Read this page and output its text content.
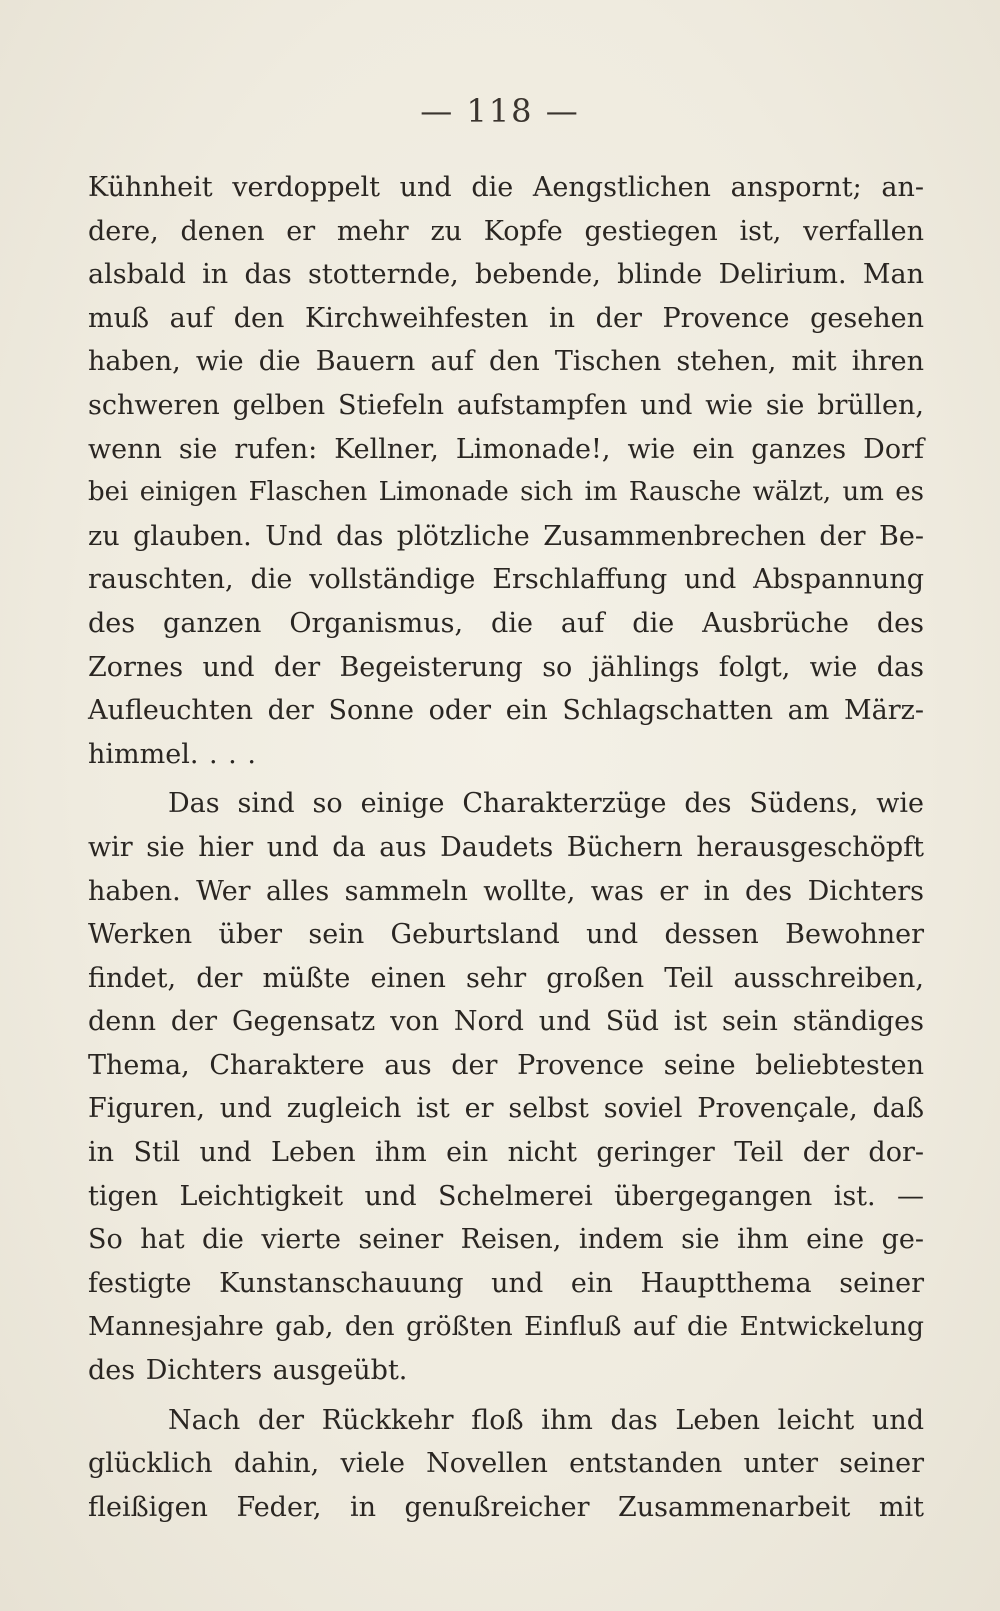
— 118 —
Kühnheit verdoppelt und die Aengstlichen anspornt; an-
dere, denen er mehr zu Kopfe gestiegen ist, verfallen
alsbald in das stotternde, bebende, blinde Delirium. Man
muß auf den Kirchweihfesten in der Provence gesehen
haben, wie die Bauern auf den Tischen stehen, mit ihren
schweren gelben Stiefeln aufstampfen und wie sie brüllen,
wenn sie rufen: Kellner, Limonade!, wie ein ganzes Dorf
bei einigen Flaschen Limonade sich im Rausche wälzt, um es
zu glauben. Und das plötzliche Zusammenbrechen der Be-
rauschten, die vollständige Erschlaffung und Abspannung
des ganzen Organismus, die auf die Ausbrüche des
Zornes und der Begeisterung so jählings folgt, wie das
Aufleuchten der Sonne oder ein Schlagschatten am März-
himmel. . . .
Das sind so einige Charakterzüge des Südens, wie
wir sie hier und da aus Daudets Büchern herausgeschöpft
haben. Wer alles sammeln wollte, was er in des Dichters
Werken über sein Geburtsland und dessen Bewohner
findet, der müßte einen sehr großen Teil ausschreiben,
denn der Gegensatz von Nord und Süd ist sein ständiges
Thema, Charaktere aus der Provence seine beliebtesten
Figuren, und zugleich ist er selbst soviel Provençale, daß
in Stil und Leben ihm ein nicht geringer Teil der dor-
tigen Leichtigkeit und Schelmerei übergegangen ist. —
So hat die vierte seiner Reisen, indem sie ihm eine ge-
festigte Kunstanschauung und ein Hauptthema seiner
Mannesjahre gab, den größten Einfluß auf die Entwickelung
des Dichters ausgeübt.
Nach der Rückkehr floß ihm das Leben leicht und
glücklich dahin, viele Novellen entstanden unter seiner
fleißigen Feder, in genußreicher Zusammenarbeit mit
